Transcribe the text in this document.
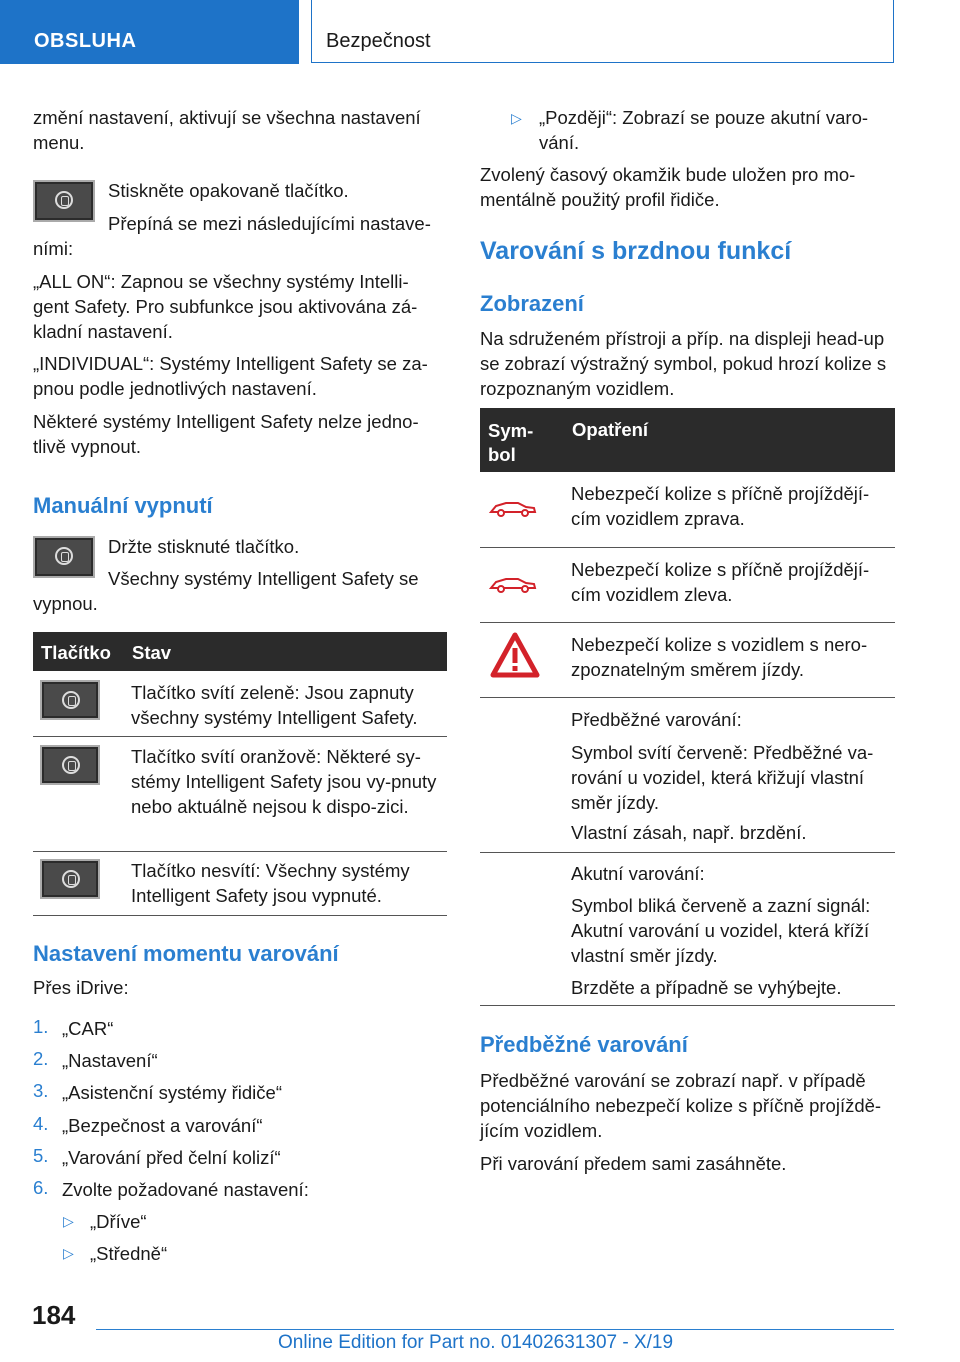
OBSLUHA	Bezpečnost
změní nastavení, aktivují se všechna nastavení menu.
Stiskněte opakovaně tlačítko.
Přepíná se mezi následujícími nastave-
ními:
„ALL ON“: Zapnou se všechny systémy Intelli-gent Safety. Pro subfunkce jsou aktivována zá-kladní nastavení.
„INDIVIDUAL“: Systémy Intelligent Safety se za-pnou podle jednotlivých nastavení.
Některé systémy Intelligent Safety nelze jedno-tlivě vypnout.
Manuální vypnutí
Držte stisknuté tlačítko.
Všechny systémy Intelligent Safety se
vypnou.
Tlačítko Stav
Tlačítko svítí zeleně: Jsou zapnuty všechny systémy Intelligent Safety.
Tlačítko svítí oranžově: Některé sy-stémy Intelligent Safety jsou vy-pnuty nebo aktuálně nejsou k dispo-zici.
Tlačítko nesvítí: Všechny systémy Intelligent Safety jsou vypnuté.
Nastavení momentu varování
Přes iDrive:
1. „CAR“
2. „Nastavení“
3. „Asistenční systémy řidiče“
4. „Bezpečnost a varování“
5. „Varování před čelní kolizí“
6. Zvolte požadované nastavení:
▷ „Dříve“
▷ „Středně“
▷ „Později“: Zobrazí se pouze akutní varo-vání.
Zvolený časový okamžik bude uložen pro mo-mentálně použitý profil řidiče.
Varování s brzdnou funkcí
Zobrazení
Na sdruženém přístroji a příp. na displeji head-up se zobrazí výstražný symbol, pokud hrozí kolize s rozpoznaným vozidlem.
Sym-bol
Opatření
Nebezpečí kolize s příčně projíždějí-cím vozidlem zprava.
Nebezpečí kolize s příčně projíždějí-cím vozidlem zleva.
Nebezpečí kolize s vozidlem s nero-zpoznatelným směrem jízdy.
Předběžné varování:
Symbol svítí červeně: Předběžné va-rování u vozidel, která křižují vlastní směr jízdy.
Vlastní zásah, např. brzdění.
Akutní varování:
Symbol bliká červeně a zazní signál: Akutní varování u vozidel, která kříží vlastní směr jízdy.
Brzděte a případně se vyhýbejte.
Předběžné varování
Předběžné varování se zobrazí např. v případě potenciálního nebezpečí kolize s příčně projíždě-jícím vozidlem.
Při varování předem sami zasáhněte.
184
Online Edition for Part no. 01402631307 - X/19
